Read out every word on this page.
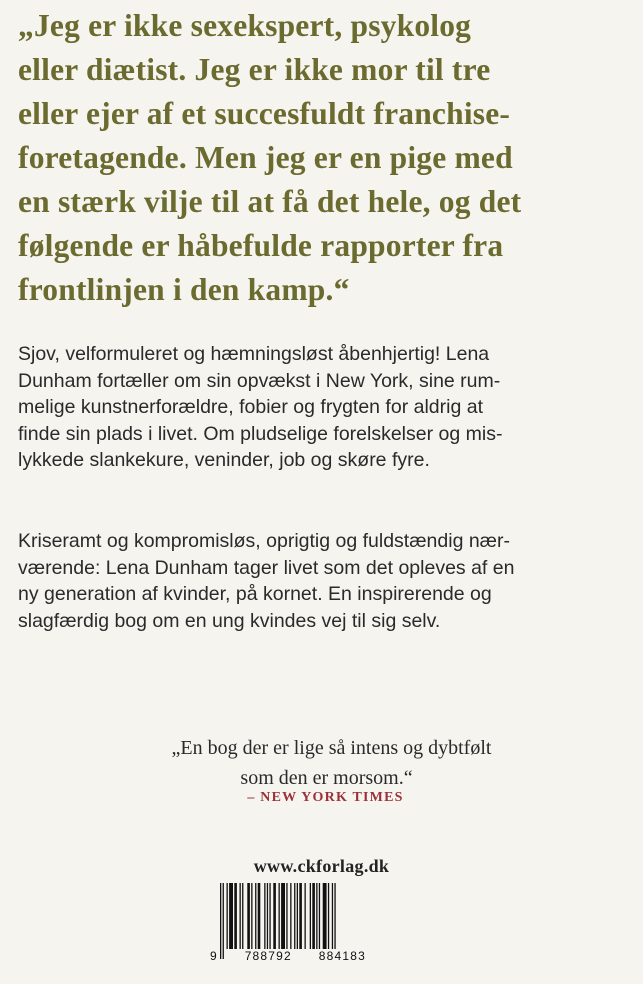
„Jeg er ikke sexekspert, psykolog
eller diætist. Jeg er ikke mor til tre
eller ejer af et succesfuldt franchise-
foretagende. Men jeg er en pige med
en stærk vilje til at få det hele, og det
følgende er håbefulde rapporter fra
frontlinjen i den kamp.“

Sjov, velformuleret og hæmningsløst åbenhjertig! Lena
Dunham fortæller om sin opvækst i New York, sine rum-
melige kunstnerforældre, fobier og frygten for aldrig at
finde sin plads i livet. Om pludselige forelskelser og mis-
lykkede slankekure, veninder, job og skøre fyre.

Kriseramt og kompromisløs, oprigtig og fuldstændig nær-
værende: Lena Dunham tager livet som det opleves af en
ny generation af kvinder, på kornet. En inspirerende og
slagfærdig bog om en ung kvindes vej til sig selv.

„En bog der er lige så intens og dybtfølt
som den er morsom.“

– NEW YORK TIMES
www.ckforlag.dk
9 788792 884183
